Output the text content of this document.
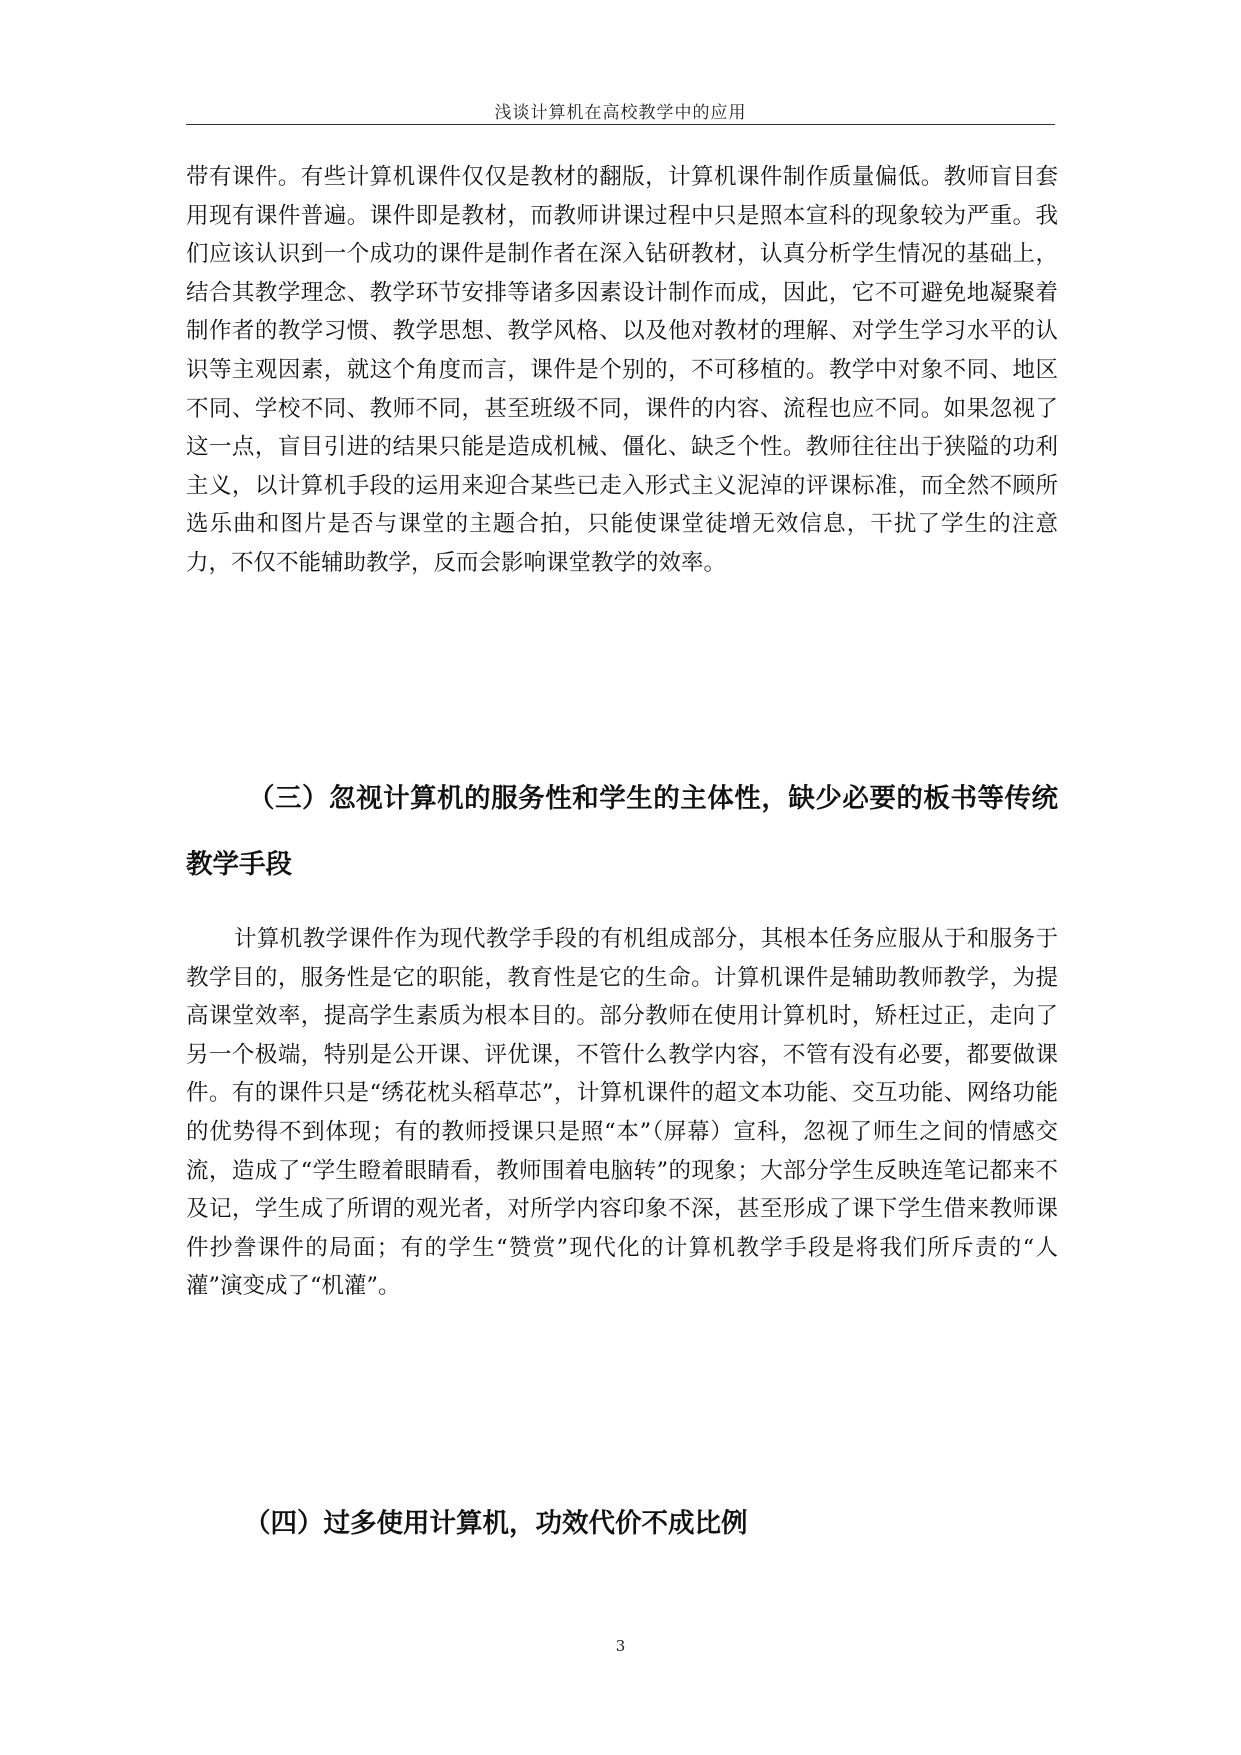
浅谈计算机在高校教学中的应用

带有课件。有些计算机课件仅仅是教材的翻版，计算机课件制作质量偏低。教师盲目套用现有课件普遍。课件即是教材，而教师讲课过程中只是照本宣科的现象较为严重。我们应该认识到一个成功的课件是制作者在深入钻研教材，认真分析学生情况的基础上，结合其教学理念、教学环节安排等诸多因素设计制作而成，因此，它不可避免地凝聚着制作者的教学习惯、教学思想、教学风格、以及他对教材的理解、对学生学习水平的认识等主观因素，就这个角度而言，课件是个别的，不可移植的。教学中对象不同、地区不同、学校不同、教师不同，甚至班级不同，课件的内容、流程也应不同。如果忽视了这一点，盲目引进的结果只能是造成机械、僵化、缺乏个性。教师往往出于狭隘的功利主义，以计算机手段的运用来迎合某些已走入形式主义泥淖的评课标准，而全然不顾所选乐曲和图片是否与课堂的主题合拍，只能使课堂徒增无效信息，干扰了学生的注意力，不仅不能辅助教学，反而会影响课堂教学的效率。

（三）忽视计算机的服务性和学生的主体性，缺少必要的板书等传统教学手段

计算机教学课件作为现代教学手段的有机组成部分，其根本任务应服从于和服务于教学目的，服务性是它的职能，教育性是它的生命。计算机课件是辅助教师教学，为提高课堂效率，提高学生素质为根本目的。部分教师在使用计算机时，矫枉过正，走向了另一个极端，特别是公开课、评优课，不管什么教学内容，不管有没有必要，都要做课件。有的课件只是“绣花枕头稻草芯”，计算机课件的超文本功能、交互功能、网络功能的优势得不到体现；有的教师授课只是照“本”（屏幕）宣科，忽视了师生之间的情感交流，造成了“学生瞪着眼睛看，教师围着电脑转”的现象；大部分学生反映连笔记都来不及记，学生成了所谓的观光者，对所学内容印象不深，甚至形成了课下学生借来教师课件抄誊课件的局面；有的学生“赞赏”现代化的计算机教学手段是将我们所斥责的“人灌”演变成了“机灌”。

（四）过多使用计算机，功效代价不成比例
3
